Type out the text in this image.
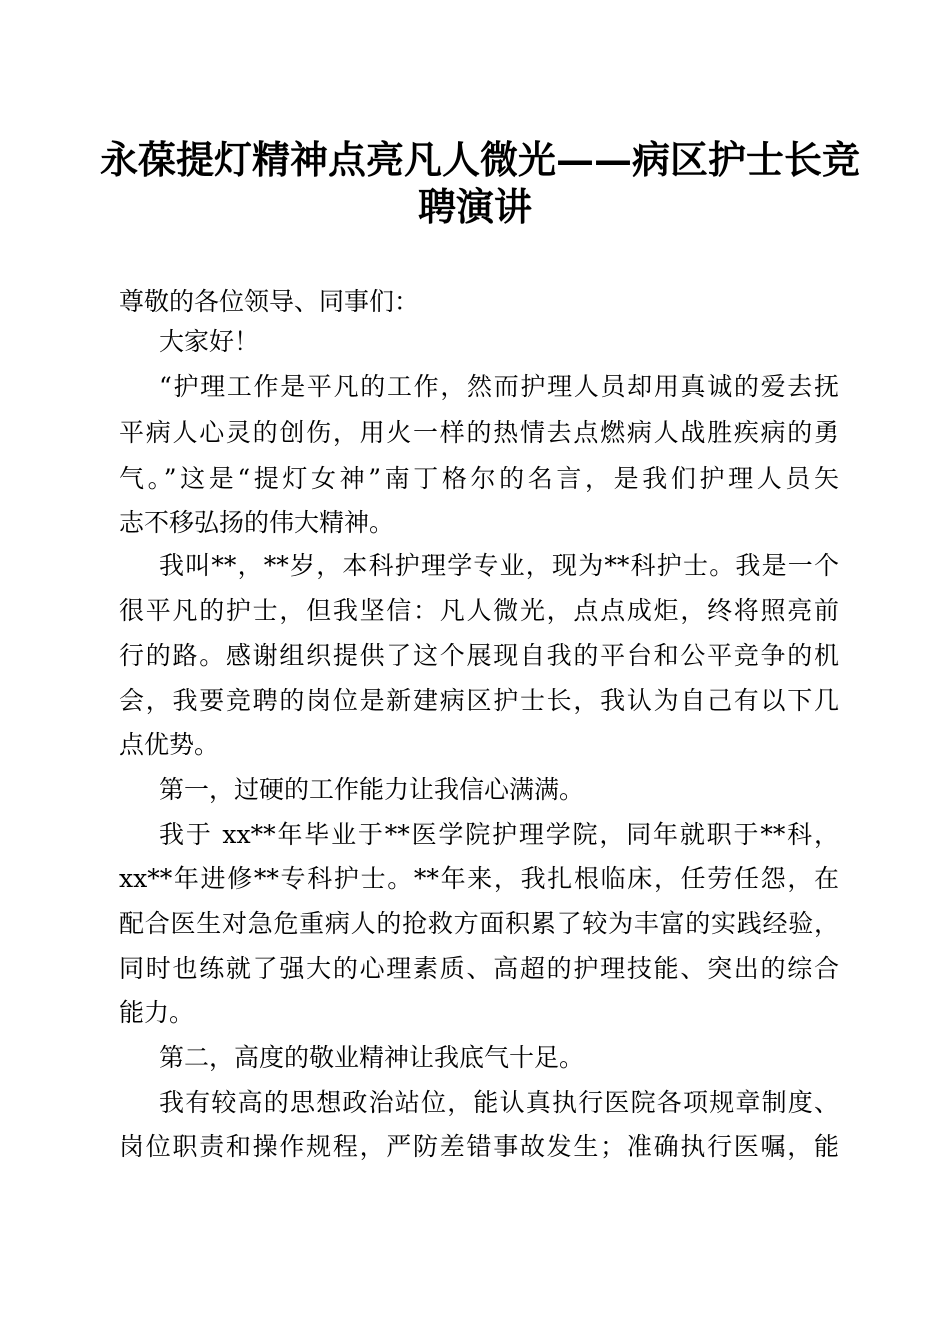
永葆提灯精神点亮凡人微光——病区护士长竞
聘演讲

尊敬的各位领导、同事们：

大家好！

“护理工作是平凡的工作，然而护理人员却用真诚的爱去抚

平病人心灵的创伤，用火一样的热情去点燃病人战胜疾病的勇

气。”这是“提灯女神”南丁格尔的名言，是我们护理人员矢

志不移弘扬的伟大精神。

我叫**，**岁，本科护理学专业，现为**科护士。我是一个

很平凡的护士，但我坚信：凡人微光，点点成炬，终将照亮前

行的路。感谢组织提供了这个展现自我的平台和公平竞争的机

会，我要竞聘的岗位是新建病区护士长，我认为自己有以下几

点优势。

第一，过硬的工作能力让我信心满满。

我于 xx**年毕业于**医学院护理学院，同年就职于**科，

xx**年进修**专科护士。**年来，我扎根临床，任劳任怨，在

配合医生对急危重病人的抢救方面积累了较为丰富的实践经验，

同时也练就了强大的心理素质、高超的护理技能、突出的综合

能力。

第二，高度的敬业精神让我底气十足。

我有较高的思想政治站位，能认真执行医院各项规章制度、

岗位职责和操作规程，严防差错事故发生；准确执行医嘱，能
